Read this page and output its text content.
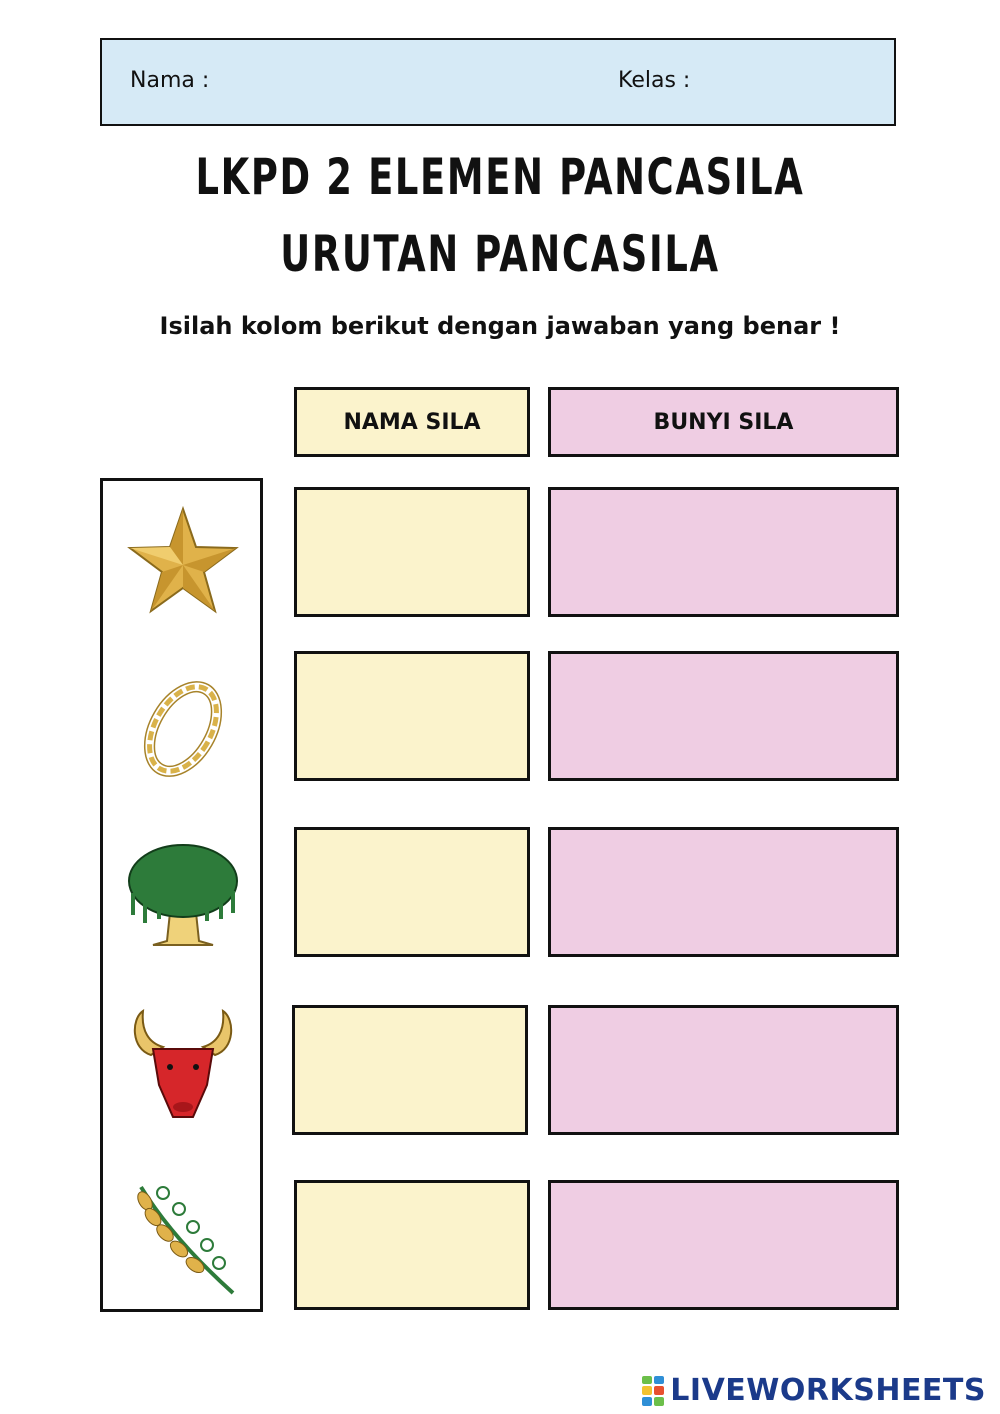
Nama :	Kelas :
LKPD 2 ELEMEN PANCASILA
URUTAN PANCASILA
Isilah kolom berikut dengan jawaban yang benar !
NAMA SILA	BUNYI SILA
LIVEWORKSHEETS
